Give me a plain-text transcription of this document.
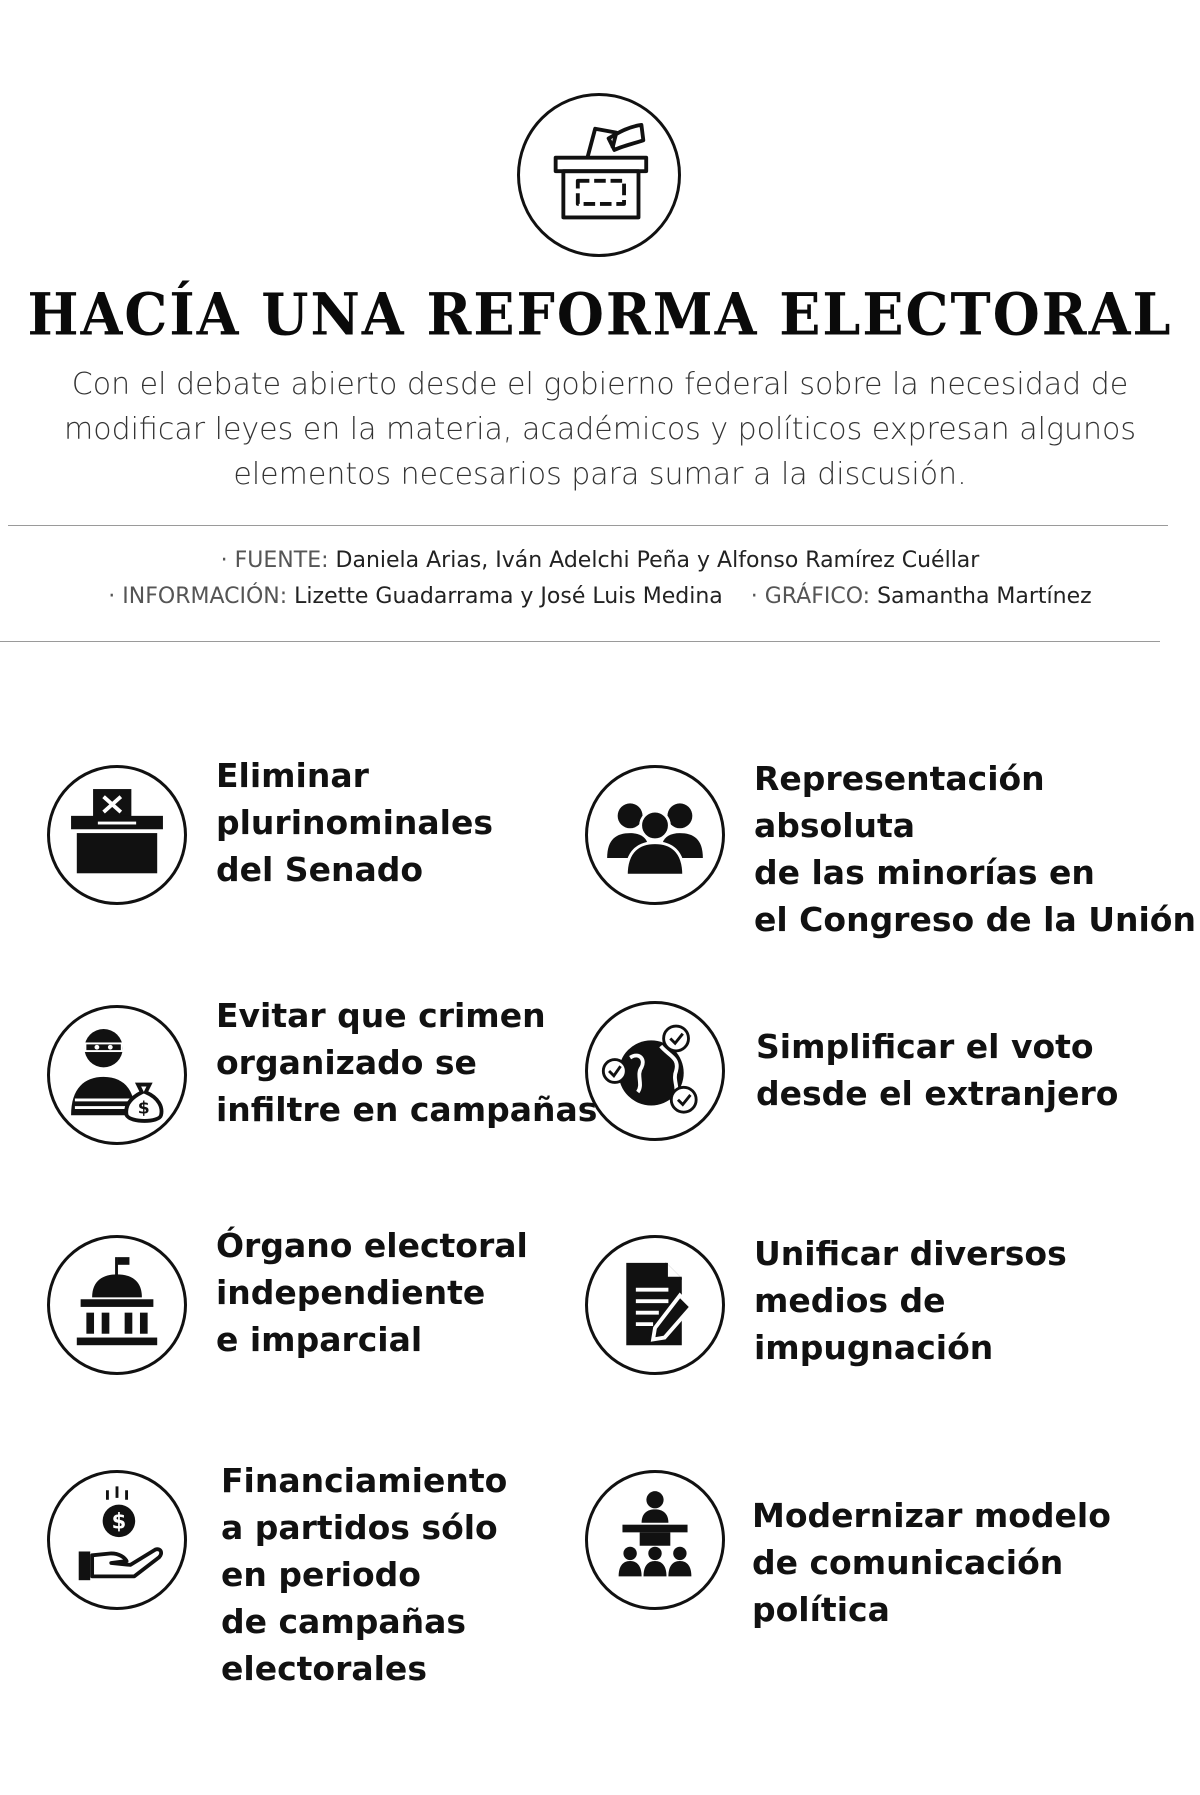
HACÍA UNA REFORMA ELECTORAL
Con el debate abierto desde el gobierno federal sobre la necesidad de modificar leyes en la materia, académicos y políticos expresan algunos elementos necesarios para sumar a la discusión.
· FUENTE: Daniela Arias, Iván Adelchi Peña y Alfonso Ramírez Cuéllar
· INFORMACIÓN: Lizette Guadarrama y José Luis Medina · GRÁFICO: Samantha Martínez
Eliminar
plurinominales
del Senado
Representación absoluta
de las minorías en
el Congreso de la Unión
$
Evitar que crimen
organizado se
infiltre en campañas
Simplificar el voto
desde el extranjero
Órgano electoral
independiente
e imparcial
Unificar diversos
medios de
impugnación
$
Financiamiento
a partidos sólo
en periodo
de campañas
electorales
Modernizar modelo
de comunicación
política
